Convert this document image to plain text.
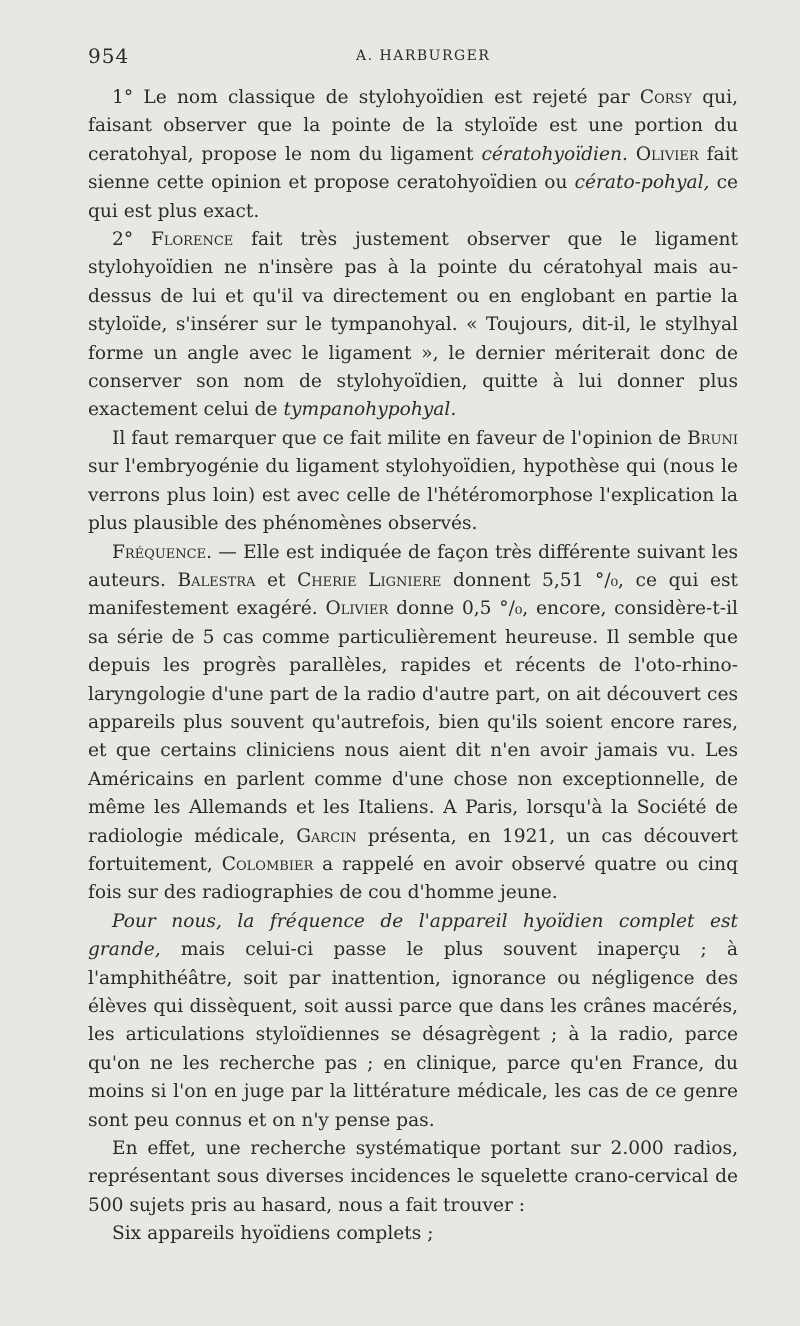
954	A. HARBURGER

1° Le nom classique de stylohyoïdien est rejeté par Corsy qui, faisant observer que la pointe de la styloïde est une portion du ceratohyal, propose le nom du ligament cératohyoïdien. Olivier fait sienne cette opinion et propose ceratohyoïdien ou cérato-pohyal, ce qui est plus exact.

2° Florence fait très justement observer que le ligament stylohyoïdien ne n'insère pas à la pointe du cératohyal mais au-dessus de lui et qu'il va directement ou en englobant en partie la styloïde, s'insérer sur le tympanohyal. « Toujours, dit-il, le stylhyal forme un angle avec le ligament », le dernier mériterait donc de conserver son nom de stylohyoïdien, quitte à lui donner plus exactement celui de tympanohypohyal.

Il faut remarquer que ce fait milite en faveur de l'opinion de Bruni sur l'embryogénie du ligament stylohyoïdien, hypothèse qui (nous le verrons plus loin) est avec celle de l'hétéromorphose l'explication la plus plausible des phénomènes observés.

Fréquence. — Elle est indiquée de façon très différente suivant les auteurs. Balestra et Cherie Ligniere donnent 5,51 °/₀, ce qui est manifestement exagéré. Olivier donne 0,5 °/₀, encore, considère-t-il sa série de 5 cas comme particulièrement heureuse. Il semble que depuis les progrès parallèles, rapides et récents de l'oto-rhino-laryngologie d'une part de la radio d'autre part, on ait découvert ces appareils plus souvent qu'autrefois, bien qu'ils soient encore rares, et que certains cliniciens nous aient dit n'en avoir jamais vu. Les Américains en parlent comme d'une chose non exceptionnelle, de même les Allemands et les Italiens. A Paris, lorsqu'à la Société de radiologie médicale, Garcin présenta, en 1921, un cas découvert fortuitement, Colombier a rappelé en avoir observé quatre ou cinq fois sur des radiographies de cou d'homme jeune.

Pour nous, la fréquence de l'appareil hyoïdien complet est grande, mais celui-ci passe le plus souvent inaperçu ; à l'amphithéâtre, soit par inattention, ignorance ou négligence des élèves qui dissèquent, soit aussi parce que dans les crânes macérés, les articulations styloïdiennes se désagrègent ; à la radio, parce qu'on ne les recherche pas ; en clinique, parce qu'en France, du moins si l'on en juge par la littérature médicale, les cas de ce genre sont peu connus et on n'y pense pas.

En effet, une recherche systématique portant sur 2.000 radios, représentant sous diverses incidences le squelette crano-cervical de 500 sujets pris au hasard, nous a fait trouver :

Six appareils hyoïdiens complets ;
